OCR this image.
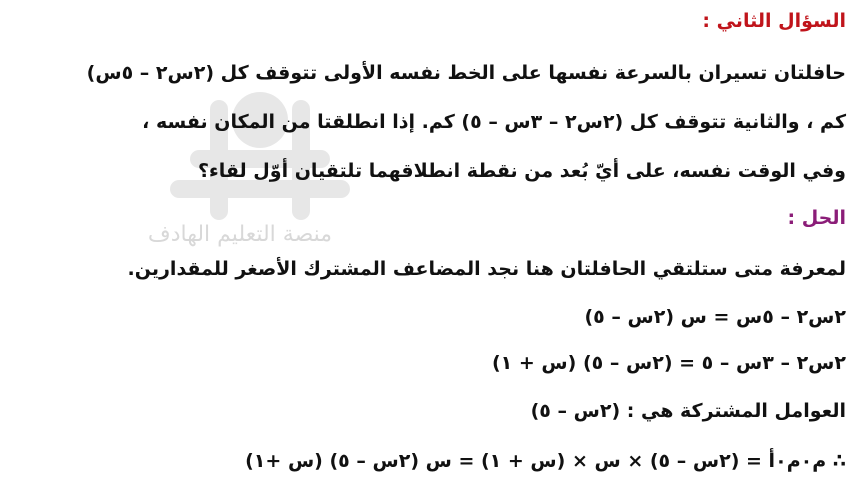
منصة التعليم الهادف
السؤال الثاني :
حافلتان تسيران بالسرعة نفسها على الخط نفسه الأولى تتوقف كل (٢س٢ – ٥س)
كم ، والثانية تتوقف كل (٢س٢ – ٣س – ٥) كم. إذا انطلقتا من المكان نفسه ،
وفي الوقت نفسه، على أيّ بُعد من نقطة انطلاقهما تلتقيان أوّل لقاء؟
الحل :
لمعرفة متى ستلتقي الحافلتان هنا نجد المضاعف المشترك الأصغر للمقدارين.
٢س٢ – ٥س = س (٢س – ٥)
٢س٢ – ٣س – ٥ = (٢س – ٥) (س + ١)
العوامل المشتركة هي : (٢س – ٥)
∴ م٠م٠أ = (٢س – ٥) × س × (س + ١) = س (٢س – ٥) (س +١)
